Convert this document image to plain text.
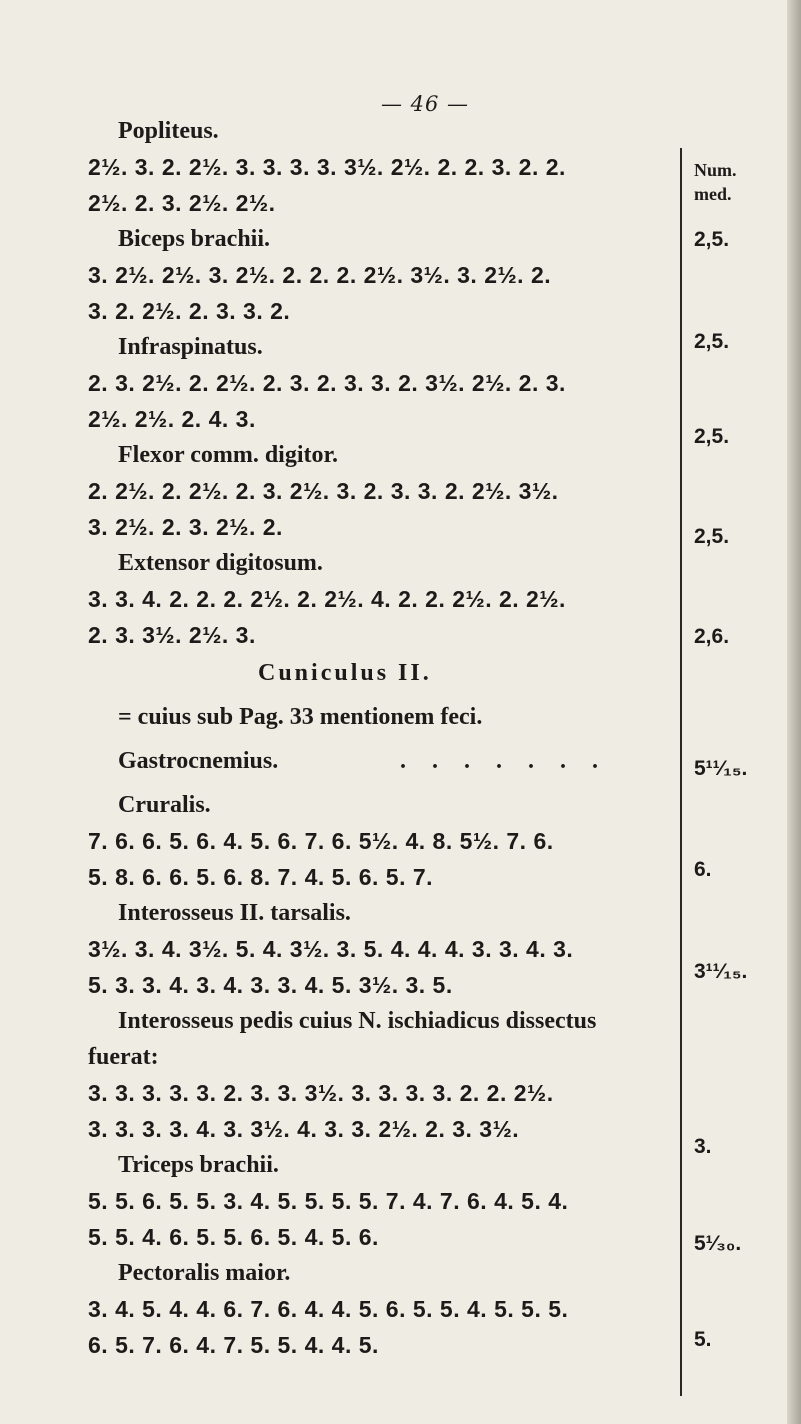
— 46 —
Num.
med.
2,5.
2,5.
2,5.
2,5.
2,6.
5¹¹⁄₁₅.
6.
3¹¹⁄₁₅.
3.
5¹⁄₃₀.
5.
Popliteus.
2½. 3. 2. 2½. 3. 3. 3. 3. 3½. 2½. 2. 2. 3. 2. 2.
2½. 2. 3. 2½. 2½.
Biceps brachii.
3. 2½. 2½. 3. 2½. 2. 2. 2. 2½. 3½. 3. 2½. 2.
3. 2. 2½. 2. 3. 3. 2.
Infraspinatus.
2. 3. 2½. 2. 2½. 2. 3. 2. 3. 3. 2. 3½. 2½. 2. 3.
2½. 2½. 2. 4. 3.
Flexor comm. digitor.
2. 2½. 2. 2½. 2. 3. 2½. 3. 2. 3. 3. 2. 2½. 3½.
3. 2½. 2. 3. 2½. 2.
Extensor digitosum.
3. 3. 4. 2. 2. 2. 2½. 2. 2½. 4. 2. 2. 2½. 2. 2½.
2. 3. 3½. 2½. 3.
Cuniculus II.
= cuius sub Pag. 33 mentionem feci.
Gastrocnemius.	. . . . . . .
Cruralis.
7. 6. 6. 5. 6. 4. 5. 6. 7. 6. 5½. 4. 8. 5½. 7. 6.
5. 8. 6. 6. 5. 6. 8. 7. 4. 5. 6. 5. 7.
Interosseus II. tarsalis.
3½. 3. 4. 3½. 5. 4. 3½. 3. 5. 4. 4. 4. 3. 3. 4. 3.
5. 3. 3. 4. 3. 4. 3. 3. 4. 5. 3½. 3. 5.
Interosseus pedis cuius N. ischiadicus dissectus
fuerat:
3. 3. 3. 3. 3. 2. 3. 3. 3½. 3. 3. 3. 3. 2. 2. 2½.
3. 3. 3. 3. 4. 3. 3½. 4. 3. 3. 2½. 2. 3. 3½.
Triceps brachii.
5. 5. 6. 5. 5. 3. 4. 5. 5. 5. 5. 7. 4. 7. 6. 4. 5. 4.
5. 5. 4. 6. 5. 5. 6. 5. 4. 5. 6.
Pectoralis maior.
3. 4. 5. 4. 4. 6. 7. 6. 4. 4. 5. 6. 5. 5. 4. 5. 5. 5.
6. 5. 7. 6. 4. 7. 5. 5. 4. 4. 5.
